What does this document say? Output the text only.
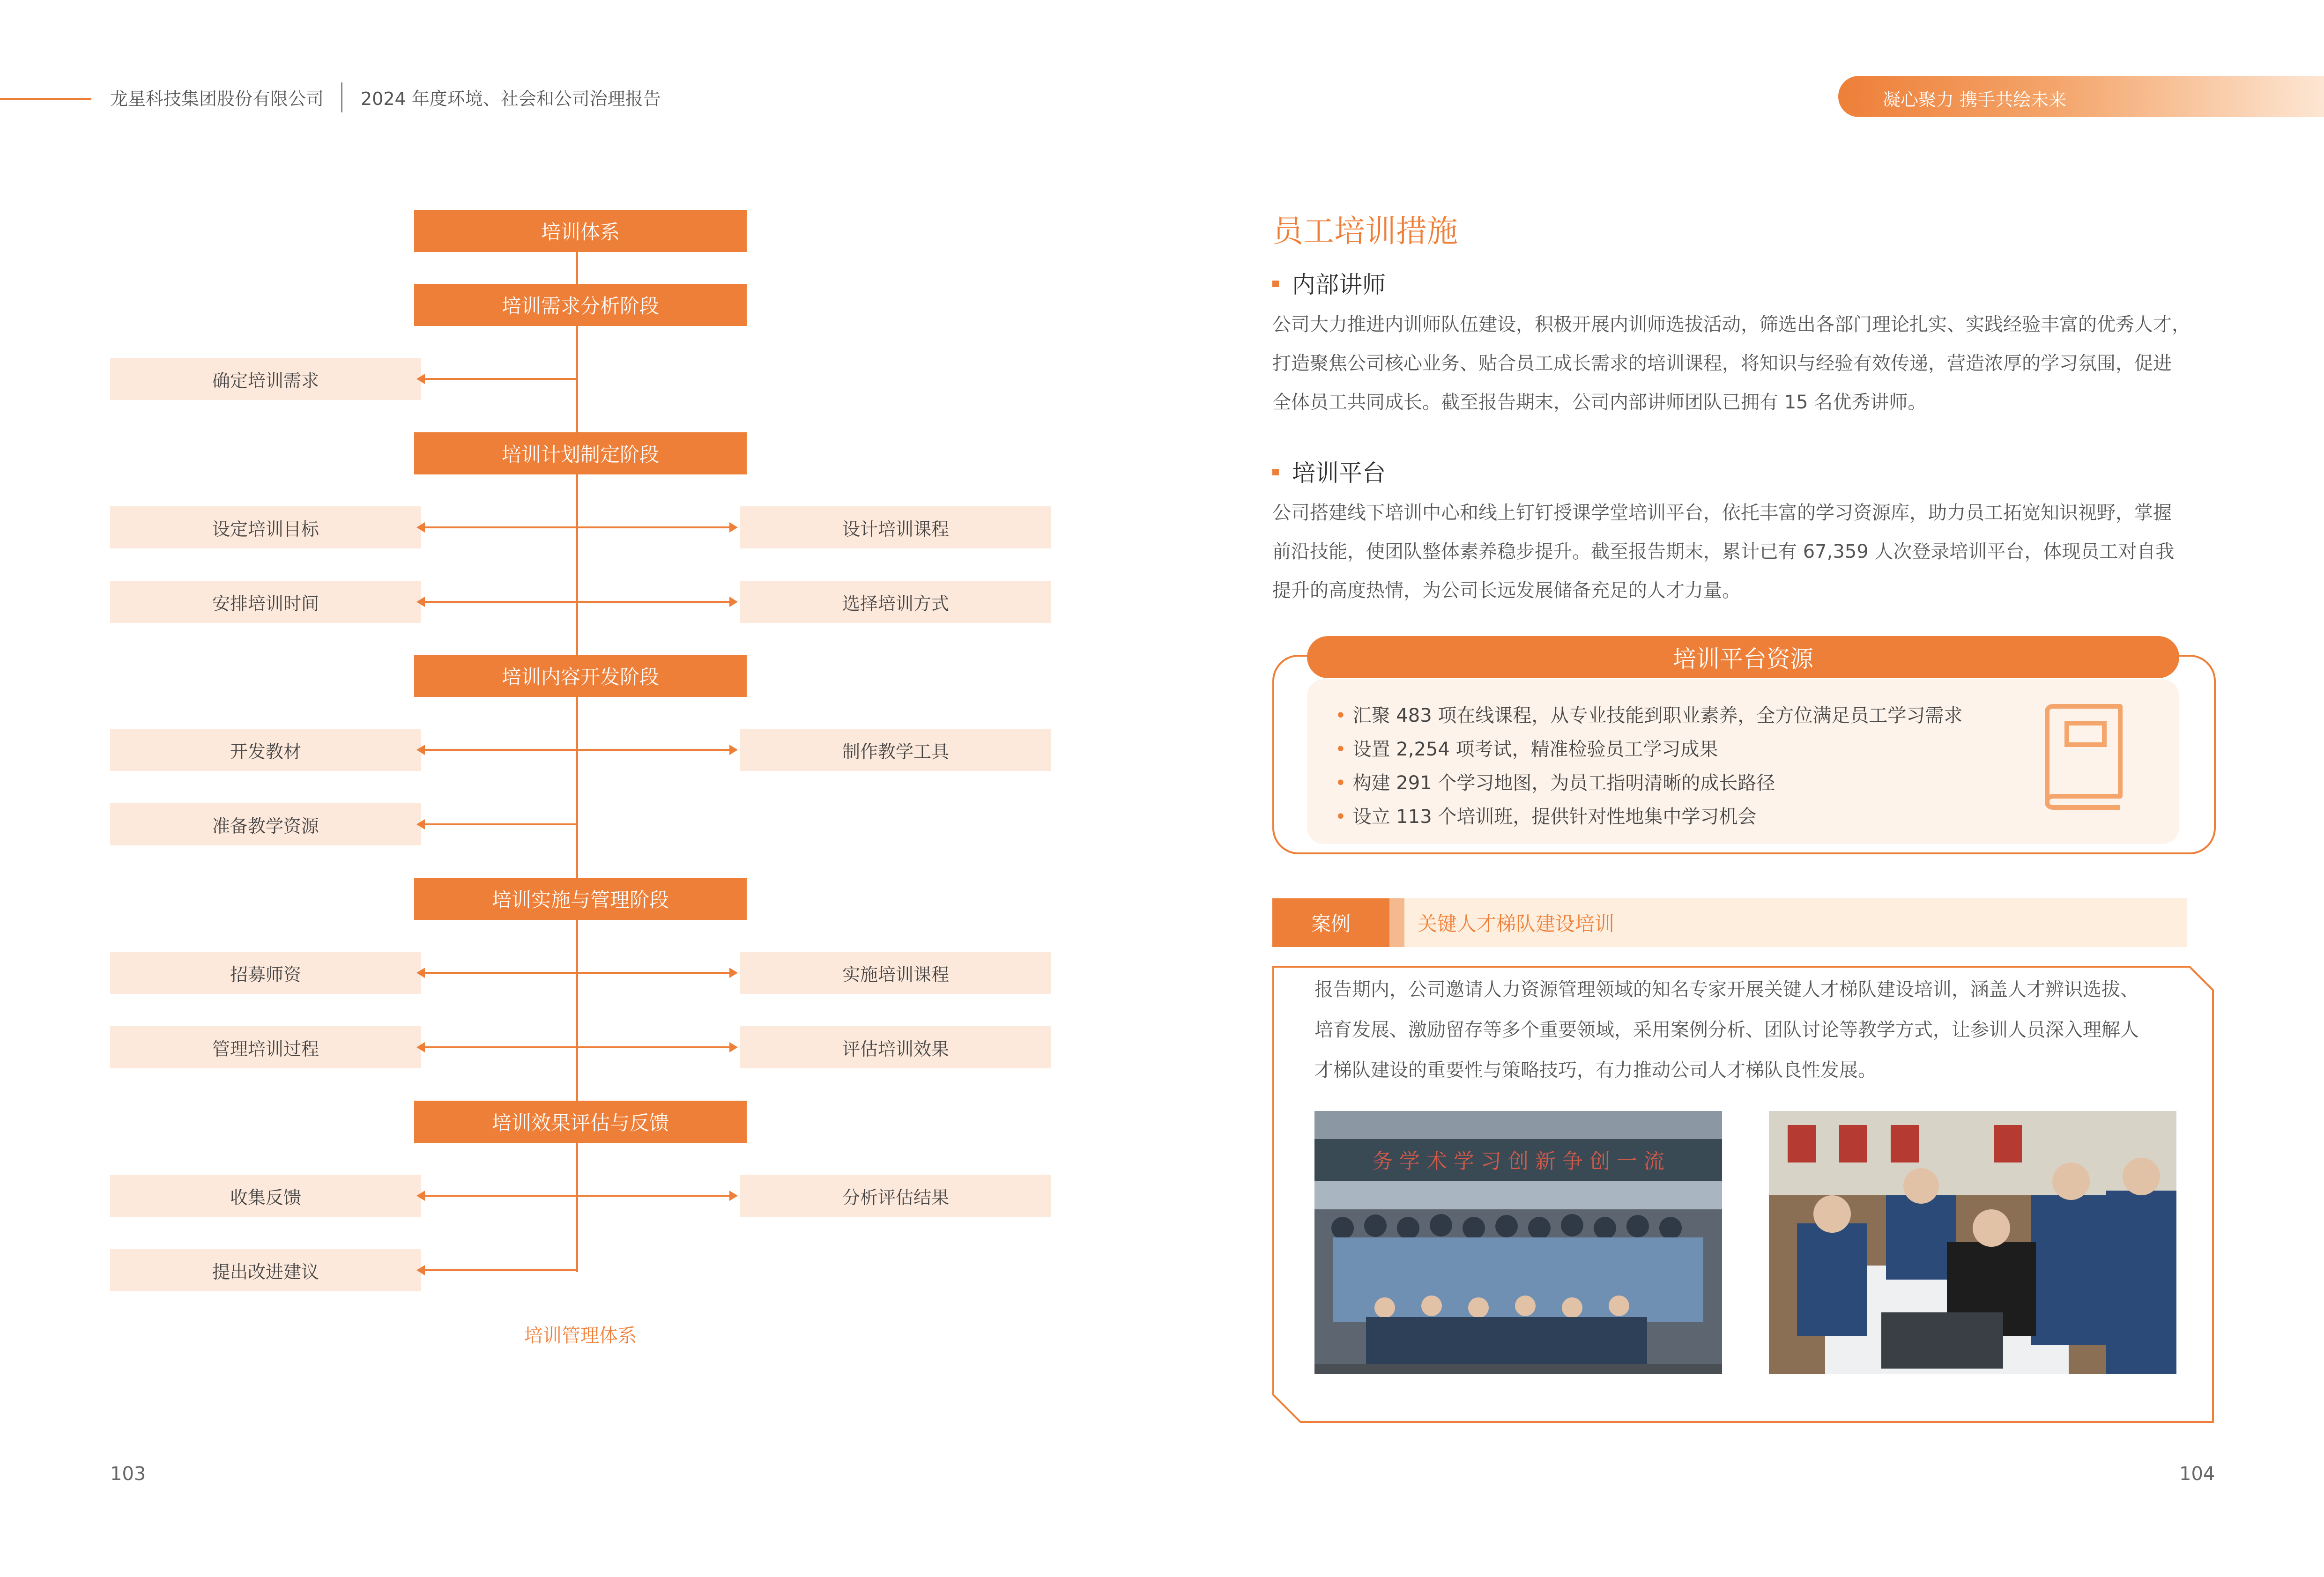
龙星科技集团股份有限公司 2024 年度环境、社会和公司治理报告	凝心聚力 携手共绘未来
培训体系
培训需求分析阶段
确定培训需求
培训计划制定阶段
设定培训目标	设计培训课程
安排培训时间	选择培训方式
培训内容开发阶段
开发教材	制作教学工具
准备教学资源
培训实施与管理阶段
招募师资	实施培训课程
管理培训过程	评估培训效果
培训效果评估与反馈
收集反馈	分析评估结果
提出改进建议
培训管理体系
员工培训措施
内部讲师
公司大力推进内训师队伍建设，积极开展内训师选拔活动，筛选出各部门理论扎实、实践经验丰富的优秀人才，
打造聚焦公司核心业务、贴合员工成长需求的培训课程，将知识与经验有效传递，营造浓厚的学习氛围，促进
全体员工共同成长。截至报告期末，公司内部讲师团队已拥有 15 名优秀讲师。
培训平台
公司搭建线下培训中心和线上钉钉授课学堂培训平台，依托丰富的学习资源库，助力员工拓宽知识视野，掌握
前沿技能，使团队整体素养稳步提升。截至报告期末，累计已有 67,359 人次登录培训平台，体现员工对自我
提升的高度热情，为公司长远发展储备充足的人才力量。
培训平台资源
• 汇聚 483 项在线课程，从专业技能到职业素养，全方位满足员工学习需求
• 设置 2,254 项考试，精准检验员工学习成果
• 构建 291 个学习地图，为员工指明清晰的成长路径
• 设立 113 个培训班，提供针对性地集中学习机会
案例	关键人才梯队建设培训
报告期内，公司邀请人力资源管理领域的知名专家开展关键人才梯队建设培训，涵盖人才辨识选拔、
培育发展、激励留存等多个重要领域，采用案例分析、团队讨论等教学方式，让参训人员深入理解人
才梯队建设的重要性与策略技巧，有力推动公司人才梯队良性发展。
务 学 术 学 习 创 新 争 创 一 流
103	104
